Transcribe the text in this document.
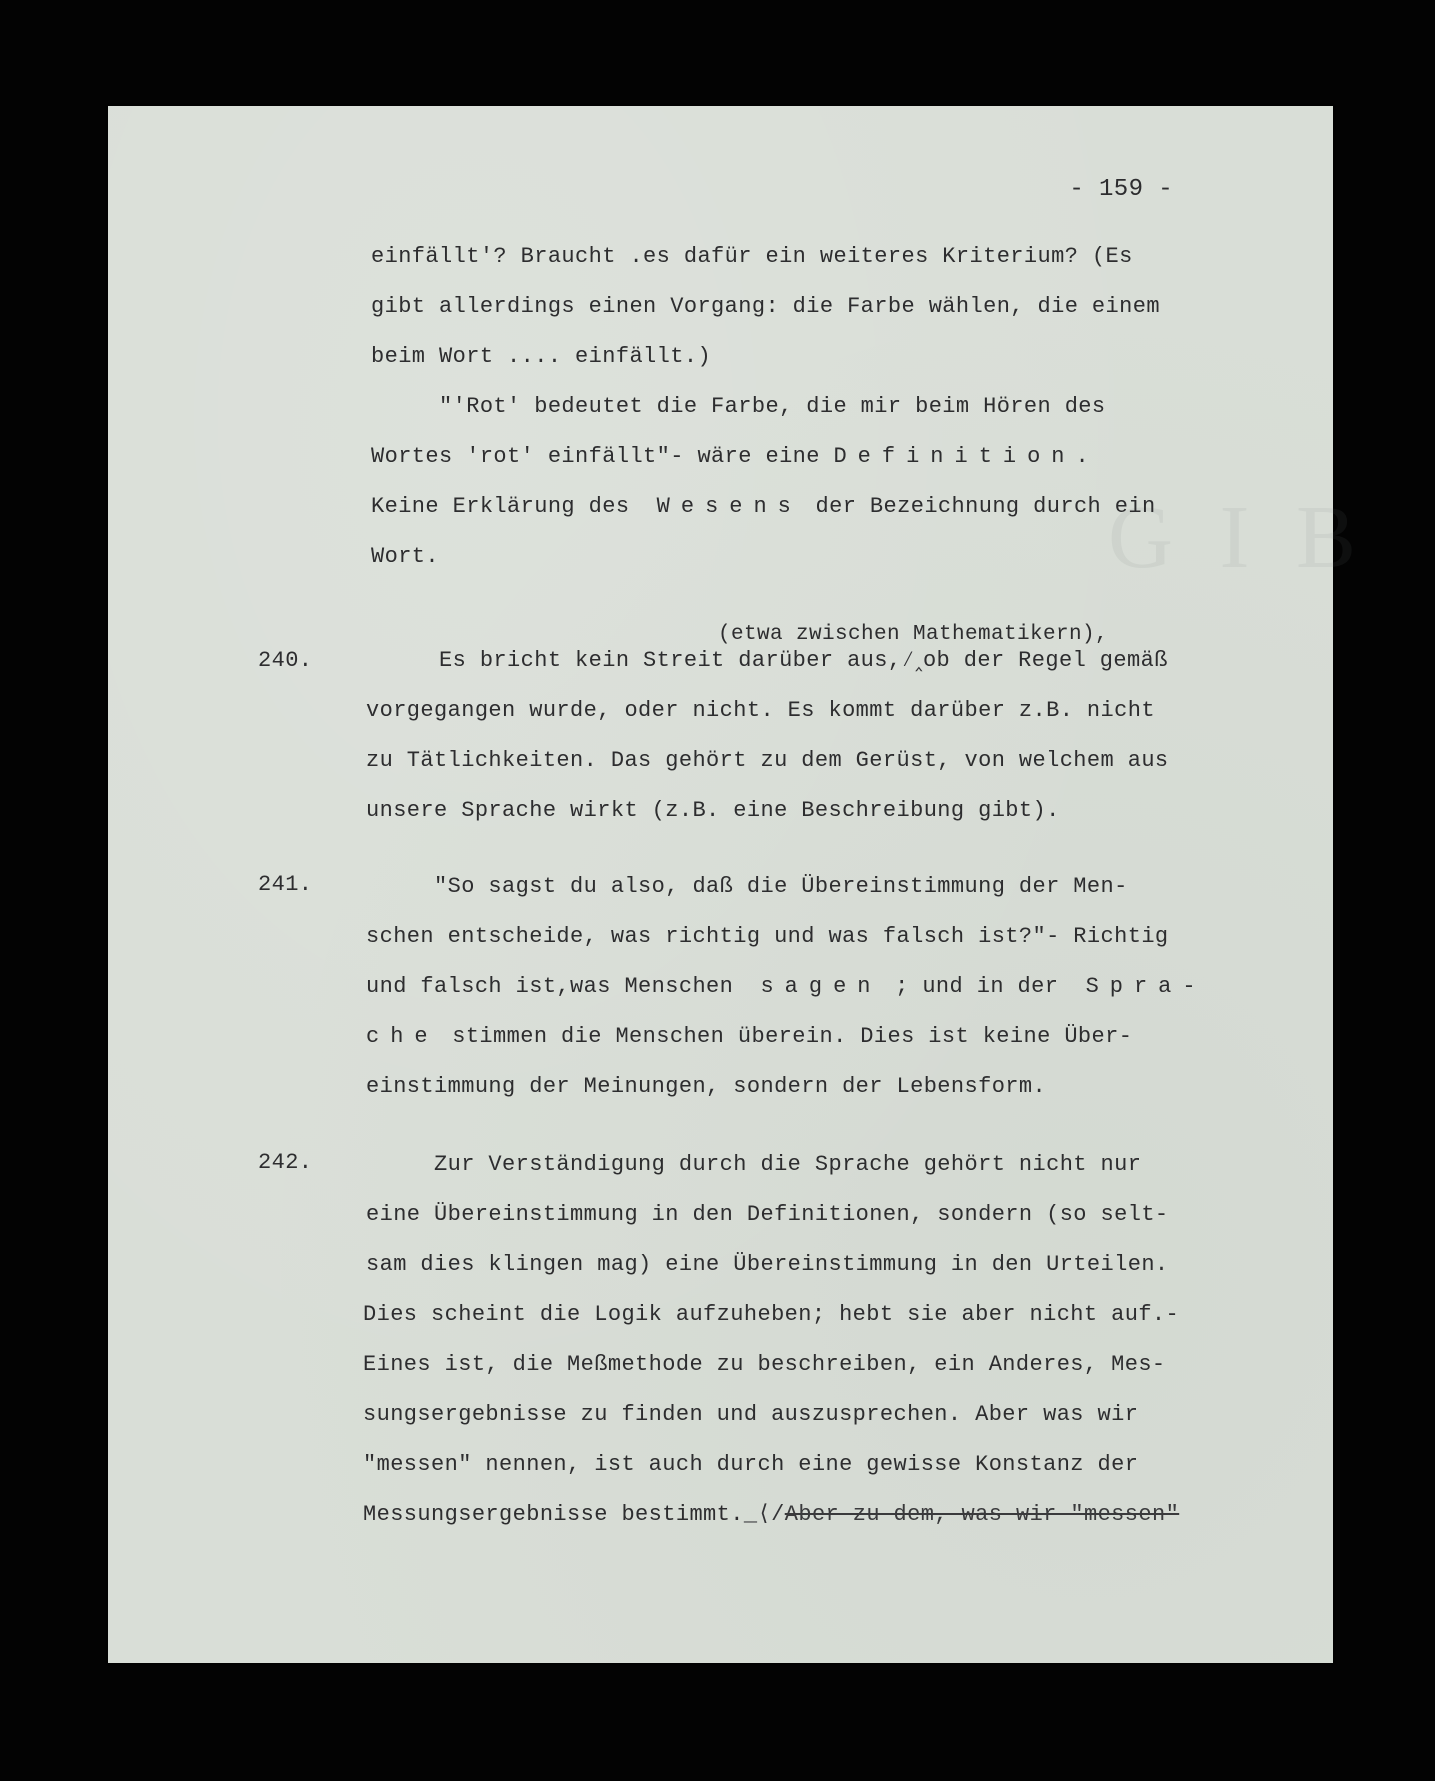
G I B
- 159 -
einfällt'? Braucht .es dafür ein weiteres Kriterium? (Es
gibt allerdings einen Vorgang: die Farbe wählen, die einem
beim Wort .... einfällt.)
"'Rot' bedeutet die Farbe, die mir beim Hören des
Wortes 'rot' einfällt"- wäre eine Definition.
Keine Erklärung des Wesens der Bezeichnung durch ein
Wort.
(etwa zwischen Mathematikern),
240.	Es bricht kein Streit darüber aus,⁄‸ob der Regel gemäß
vorgegangen wurde, oder nicht. Es kommt darüber z.B. nicht
zu Tätlichkeiten. Das gehört zu dem Gerüst, von welchem aus
unsere Sprache wirkt (z.B. eine Beschreibung gibt).
241. "So sagst du also, daß die Übereinstimmung der Men-
schen entscheide, was richtig und was falsch ist?"- Richtig
und falsch ist,was Menschen sagen ; und in der Spra-
che stimmen die Menschen überein. Dies ist keine Über-
einstimmung der Meinungen, sondern der Lebensform.
242. Zur Verständigung durch die Sprache gehört nicht nur
eine Übereinstimmung in den Definitionen, sondern (so selt-
sam dies klingen mag) eine Übereinstimmung in den Urteilen.
Dies scheint die Logik aufzuheben; hebt sie aber nicht auf.-
Eines ist, die Meßmethode zu beschreiben, ein Anderes, Mes-
sungsergebnisse zu finden und auszusprechen. Aber was wir
"messen" nennen, ist auch durch eine gewisse Konstanz der
Messungsergebnisse bestimmt._⟨/Aber zu dem, was wir "messen"
